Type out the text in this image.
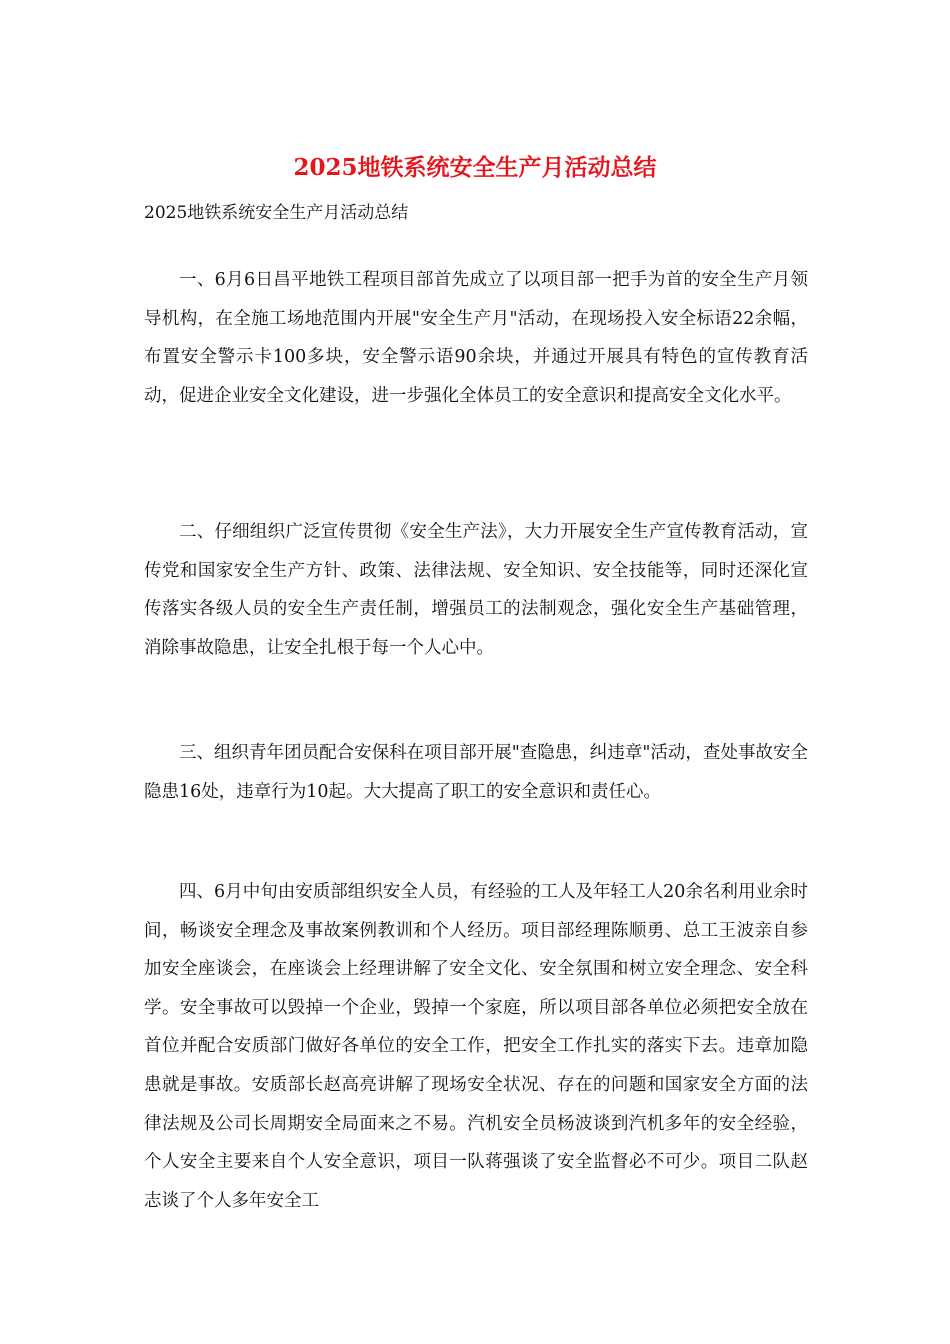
2025地铁系统安全生产月活动总结

2025地铁系统安全生产月活动总结

一、6月6日昌平地铁工程项目部首先成立了以项目部一把手为首的安全生产月领导机构，在全施工场地范围内开展"安全生产月"活动，在现场投入安全标语22余幅，布置安全警示卡100多块，安全警示语90余块，并通过开展具有特色的宣传教育活动，促进企业安全文化建设，进一步强化全体员工的安全意识和提高安全文化水平。

二、仔细组织广泛宣传贯彻《安全生产法》，大力开展安全生产宣传教育活动，宣传党和国家安全生产方针、政策、法律法规、安全知识、安全技能等，同时还深化宣传落实各级人员的安全生产责任制，增强员工的法制观念，强化安全生产基础管理，消除事故隐患，让安全扎根于每一个人心中。

三、组织青年团员配合安保科在项目部开展"查隐患，纠违章"活动，查处事故安全隐患16处，违章行为10起。大大提高了职工的安全意识和责任心。

四、6月中旬由安质部组织安全人员，有经验的工人及年轻工人20余名利用业余时间，畅谈安全理念及事故案例教训和个人经历。项目部经理陈顺勇、总工王波亲自参加安全座谈会，在座谈会上经理讲解了安全文化、安全氛围和树立安全理念、安全科学。安全事故可以毁掉一个企业，毁掉一个家庭，所以项目部各单位必须把安全放在首位并配合安质部门做好各单位的安全工作，把安全工作扎实的落实下去。违章加隐患就是事故。安质部长赵高亮讲解了现场安全状况、存在的问题和国家安全方面的法律法规及公司长周期安全局面来之不易。汽机安全员杨波谈到汽机多年的安全经验，个人安全主要来自个人安全意识，项目一队蒋强谈了安全监督必不可少。项目二队赵志谈了个人多年安全工
